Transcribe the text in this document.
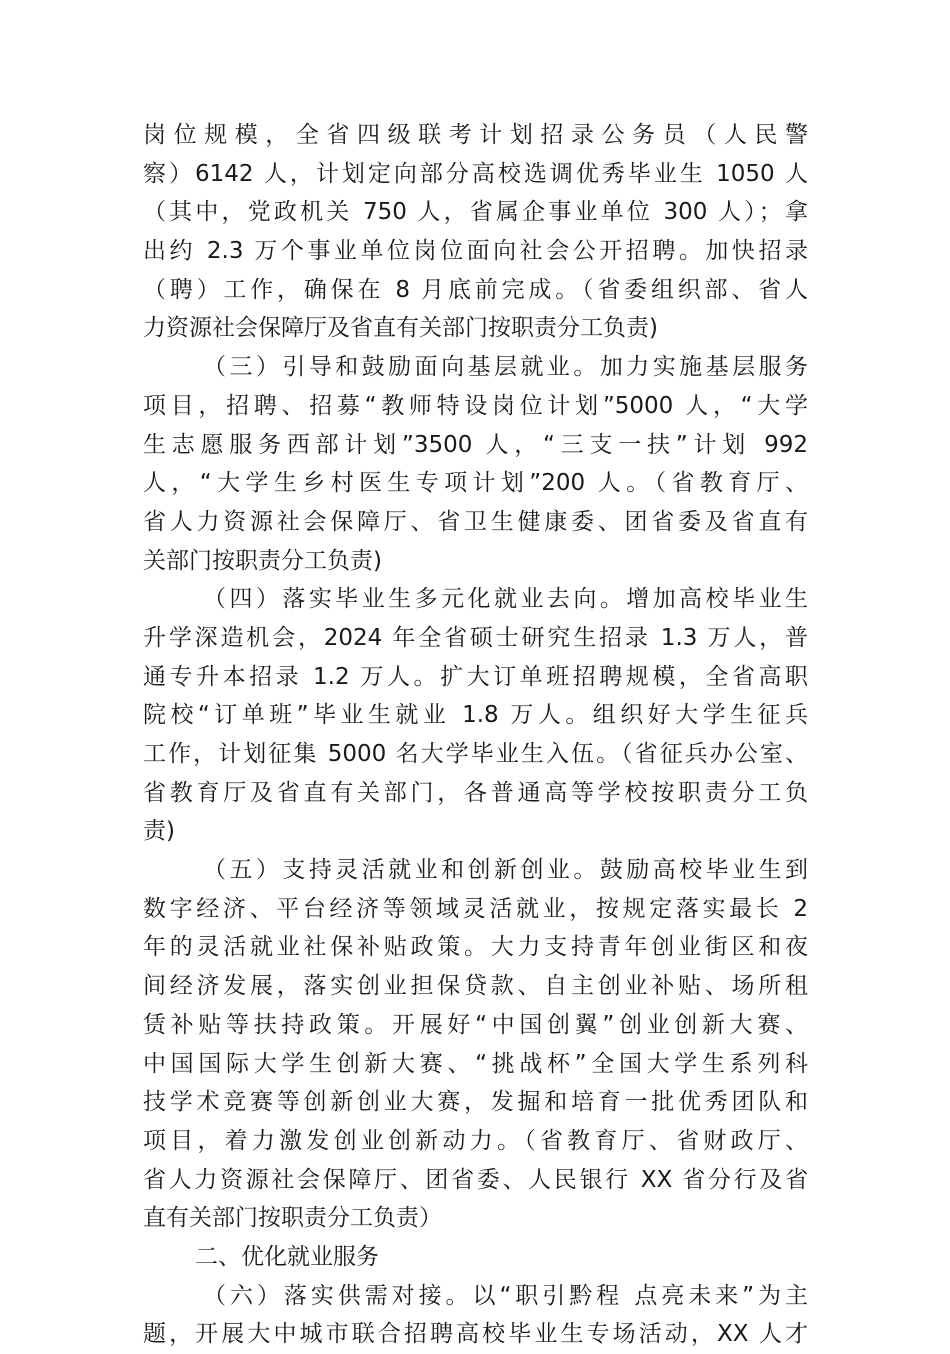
岗位规模，全省四级联考计划招录公务员（人民警
察）6142 人，计划定向部分高校选调优秀毕业生 1050 人
（其中，党政机关 750 人，省属企事业单位 300 人）；拿
出约 2.3 万个事业单位岗位面向社会公开招聘。加快招录
（聘）工作，确保在 8 月底前完成。（省委组织部、省人
力资源社会保障厅及省直有关部门按职责分工负责)
（三）引导和鼓励面向基层就业。加力实施基层服务
项目，招聘、招募“教师特设岗位计划”5000 人，“大学
生志愿服务西部计划”3500 人，“三支一扶”计划 992
人，“大学生乡村医生专项计划”200 人。（省教育厅、
省人力资源社会保障厅、省卫生健康委、团省委及省直有
关部门按职责分工负责)
（四）落实毕业生多元化就业去向。增加高校毕业生
升学深造机会，2024 年全省硕士研究生招录 1.3 万人，普
通专升本招录 1.2 万人。扩大订单班招聘规模，全省高职
院校“订单班”毕业生就业 1.8 万人。组织好大学生征兵
工作，计划征集 5000 名大学毕业生入伍。（省征兵办公室、
省教育厅及省直有关部门，各普通高等学校按职责分工负
责)
（五）支持灵活就业和创新创业。鼓励高校毕业生到
数字经济、平台经济等领域灵活就业，按规定落实最长 2
年的灵活就业社保补贴政策。大力支持青年创业街区和夜
间经济发展，落实创业担保贷款、自主创业补贴、场所租
赁补贴等扶持政策。开展好“中国创翼”创业创新大赛、
中国国际大学生创新大赛、“挑战杯”全国大学生系列科
技学术竞赛等创新创业大赛，发掘和培育一批优秀团队和
项目，着力激发创业创新动力。（省教育厅、省财政厅、
省人力资源社会保障厅、团省委、人民银行 XX 省分行及省
直有关部门按职责分工负责）
二、优化就业服务
（六）落实供需对接。以“职引黔程 点亮未来”为主
题，开展大中城市联合招聘高校毕业生专场活动，XX 人才
